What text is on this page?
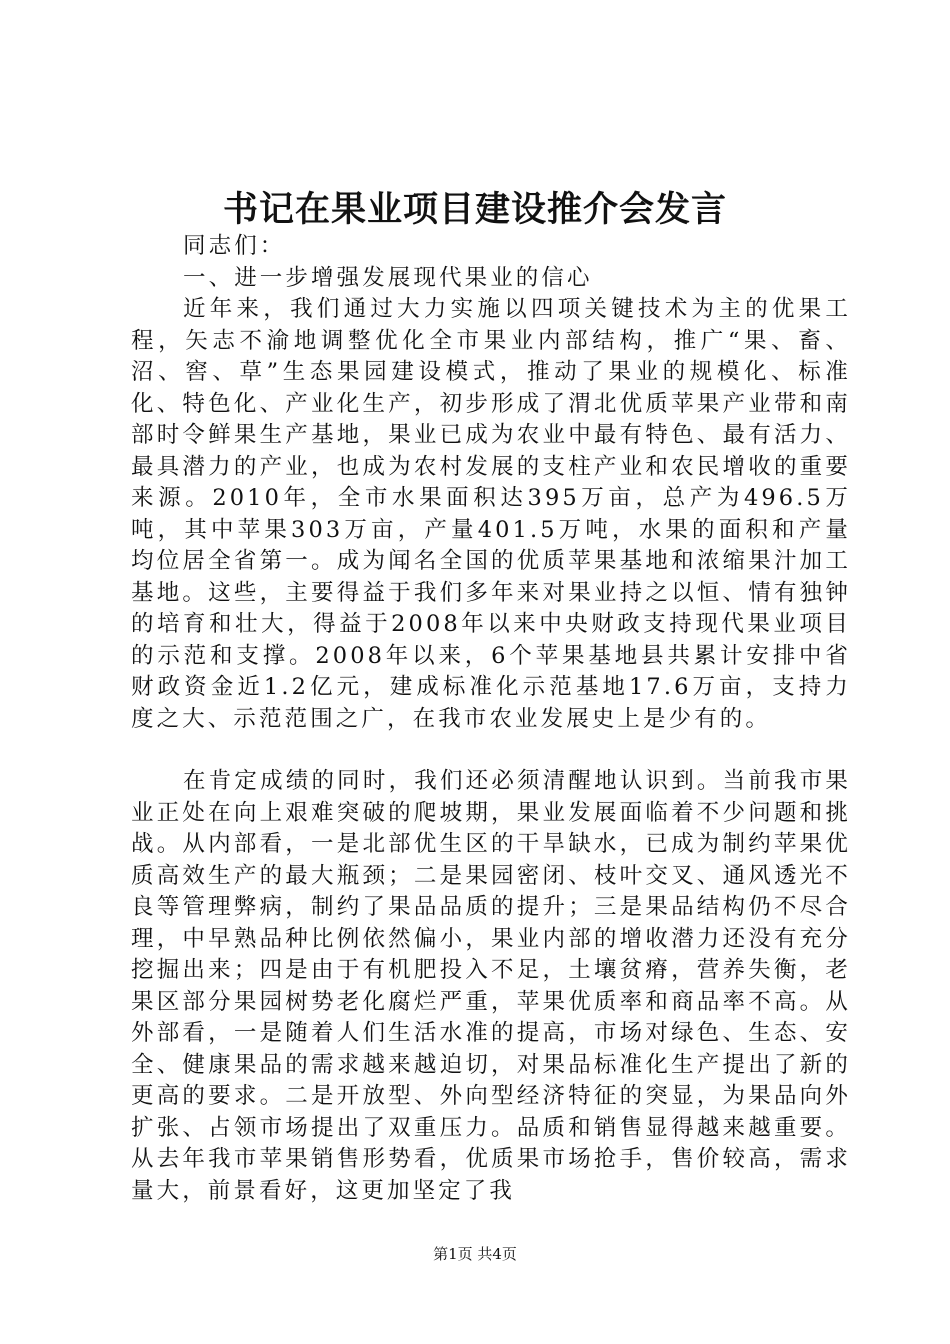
书记在果业项目建设推介会发言

同志们：

一、进一步增强发展现代果业的信心

近年来，我们通过大力实施以四项关键技术为主的优果工程，矢志不渝地调整优化全市果业内部结构，推广“果、畜、沼、窖、草”生态果园建设模式，推动了果业的规模化、标准化、特色化、产业化生产，初步形成了渭北优质苹果产业带和南部时令鲜果生产基地，果业已成为农业中最有特色、最有活力、最具潜力的产业，也成为农村发展的支柱产业和农民增收的重要来源。2010年，全市水果面积达395万亩，总产为496.5万吨，其中苹果303万亩，产量401.5万吨，水果的面积和产量均位居全省第一。成为闻名全国的优质苹果基地和浓缩果汁加工基地。这些，主要得益于我们多年来对果业持之以恒、情有独钟的培育和壮大，得益于2008年以来中央财政支持现代果业项目的示范和支撑。2008年以来，6个苹果基地县共累计安排中省财政资金近1.2亿元，建成标准化示范基地17.6万亩，支持力度之大、示范范围之广，在我市农业发展史上是少有的。

在肯定成绩的同时，我们还必须清醒地认识到。当前我市果业正处在向上艰难突破的爬坡期，果业发展面临着不少问题和挑战。从内部看，一是北部优生区的干旱缺水，已成为制约苹果优质高效生产的最大瓶颈；二是果园密闭、枝叶交叉、通风透光不良等管理弊病，制约了果品品质的提升；三是果品结构仍不尽合理，中早熟品种比例依然偏小，果业内部的增收潜力还没有充分挖掘出来；四是由于有机肥投入不足，土壤贫瘠，营养失衡，老果区部分果园树势老化腐烂严重，苹果优质率和商品率不高。从外部看，一是随着人们生活水准的提高，市场对绿色、生态、安全、健康果品的需求越来越迫切，对果品标准化生产提出了新的更高的要求。二是开放型、外向型经济特征的突显，为果品向外扩张、占领市场提出了双重压力。品质和销售显得越来越重要。从去年我市苹果销售形势看，优质果市场抢手，售价较高，需求量大，前景看好，这更加坚定了我

第1页 共4页
